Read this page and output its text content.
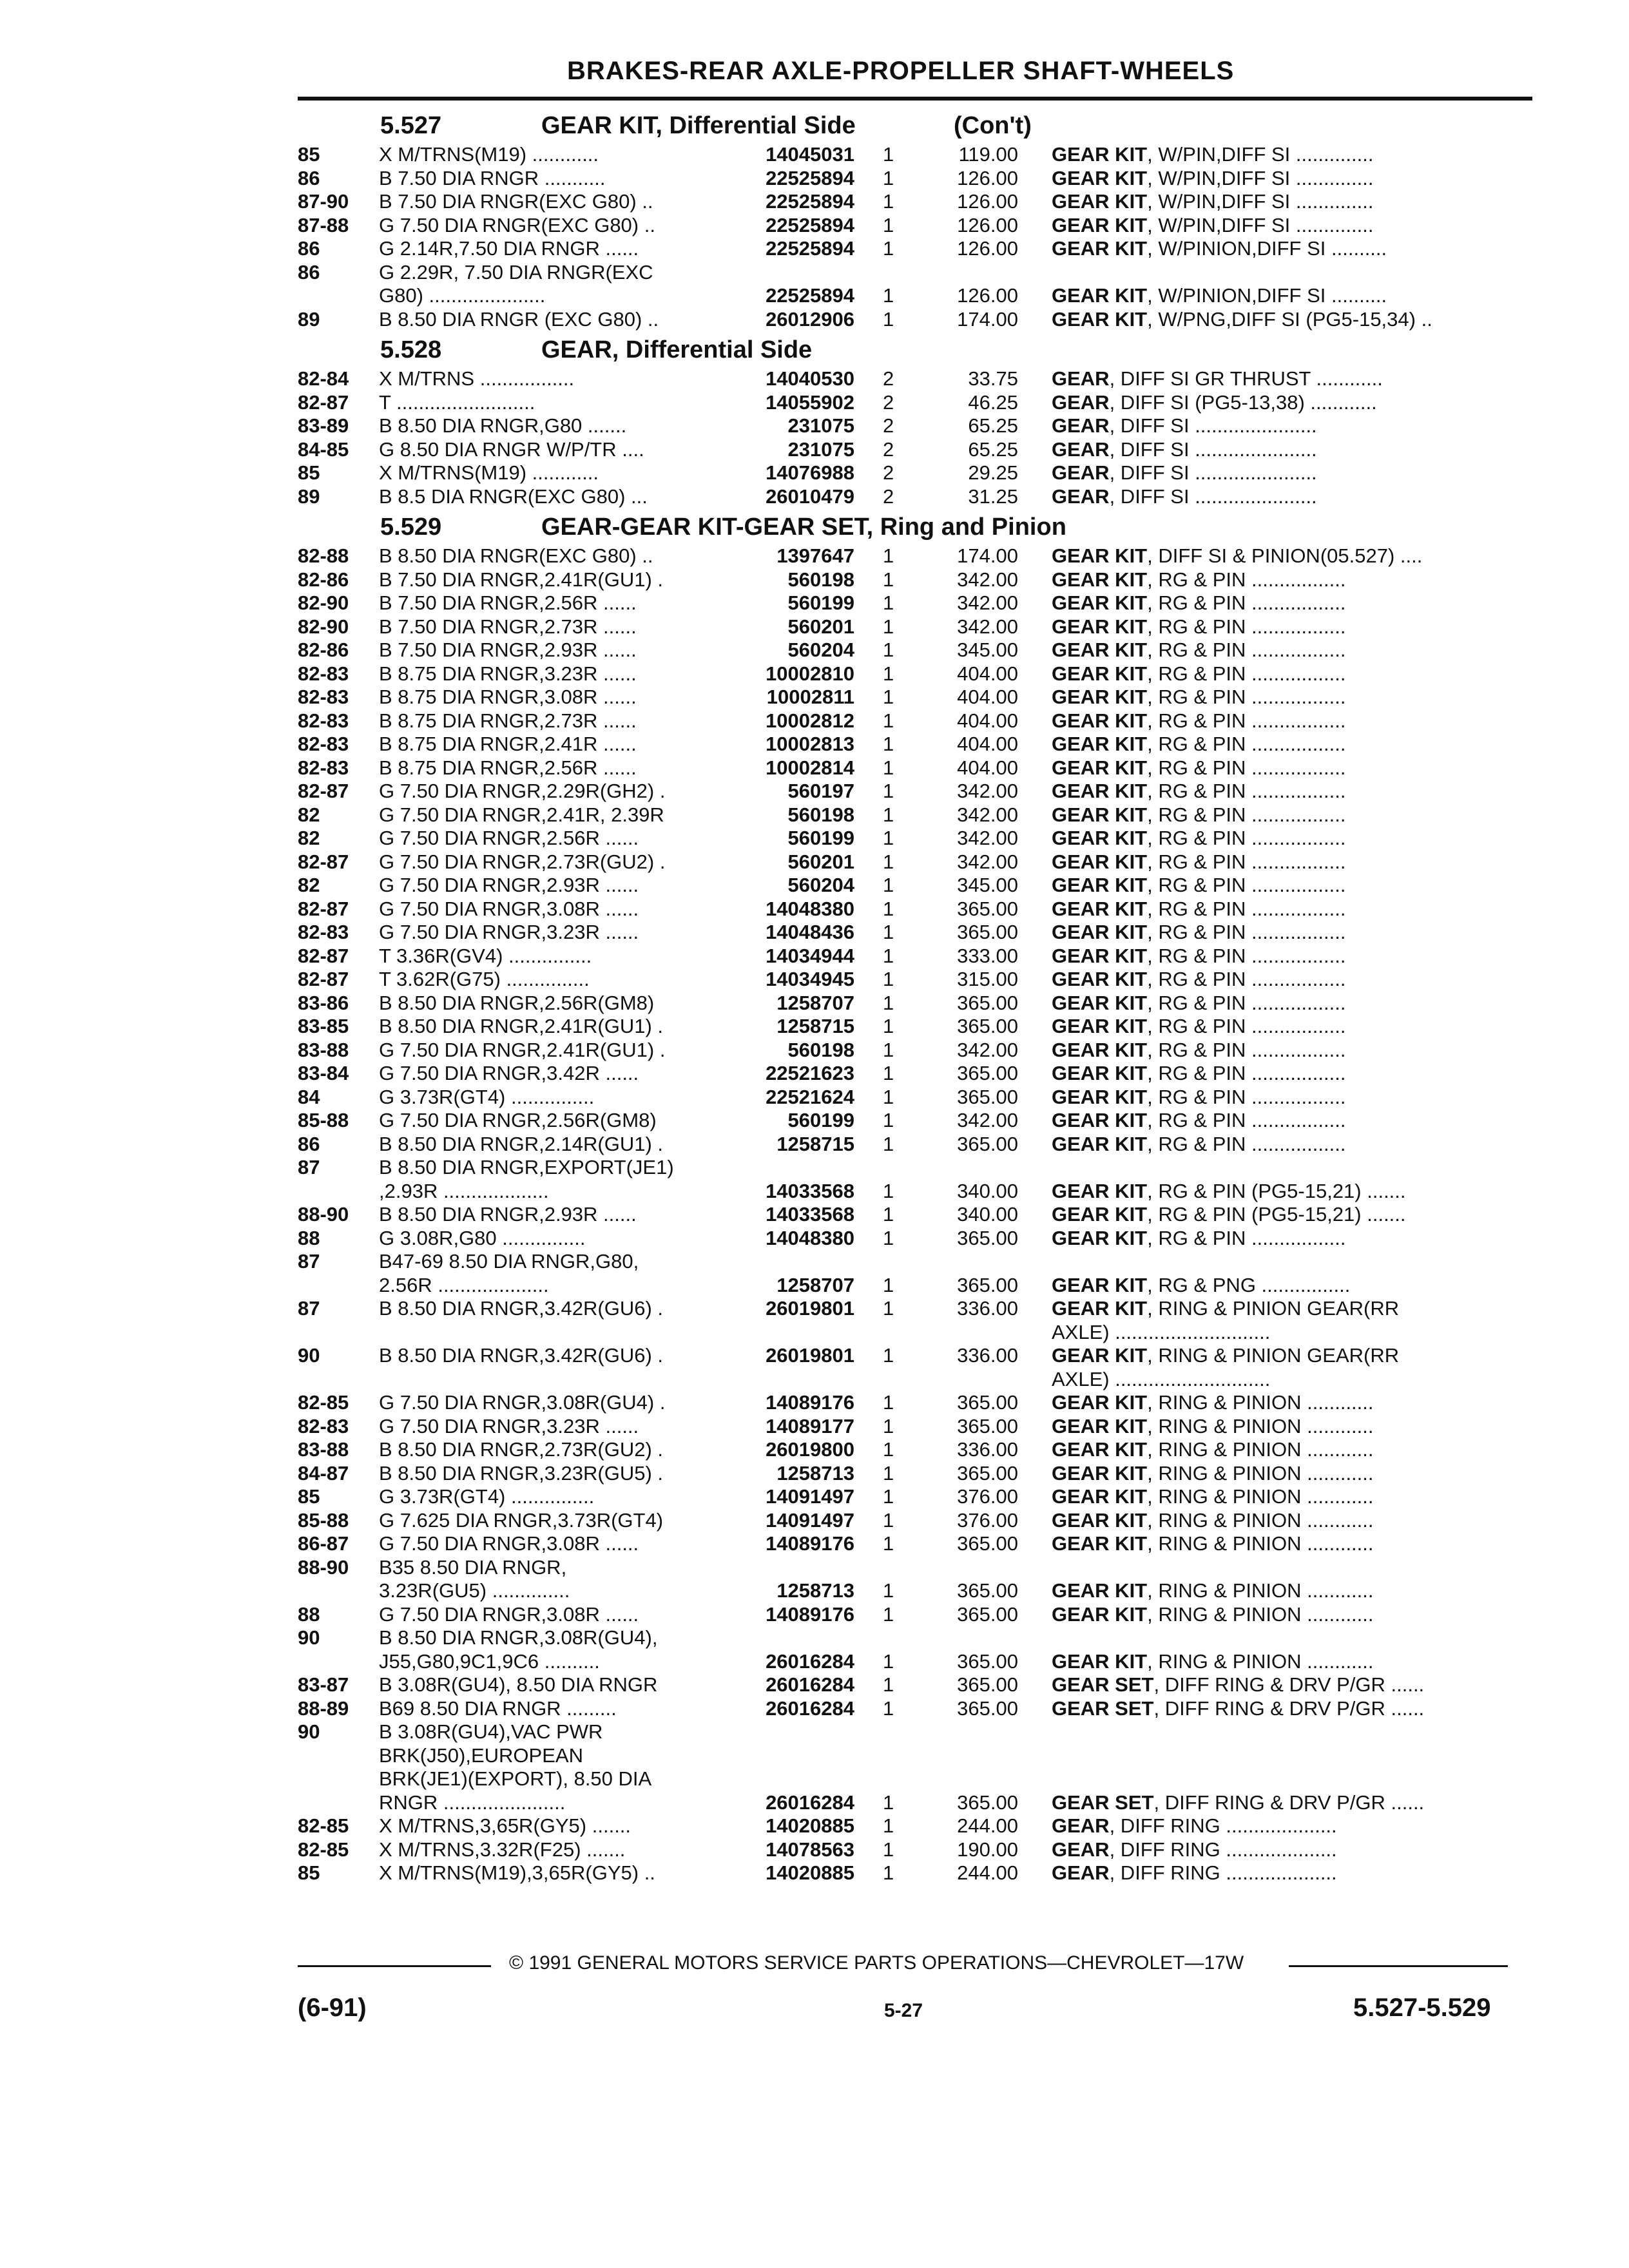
BRAKES-REAR AXLE-PROPELLER SHAFT-WHEELS
5.527	GEAR KIT, Differential Side	(Con't)
85	X M/TRNS(M19) ............	14045031 1	119.00 GEAR KIT, W/PIN,DIFF SI ..............
86	B 7.50 DIA RNGR ...........	22525894 1	126.00 GEAR KIT, W/PIN,DIFF SI ..............
87-90 B 7.50 DIA RNGR(EXC G80) ..	22525894 1	126.00 GEAR KIT, W/PIN,DIFF SI ..............
87-88 G 7.50 DIA RNGR(EXC G80) ..	22525894 1	126.00 GEAR KIT, W/PIN,DIFF SI ..............
86	G 2.14R,7.50 DIA RNGR ......	22525894 1	126.00 GEAR KIT, W/PINION,DIFF SI ..........
86	G 2.29R, 7.50 DIA RNGR(EXC
G80) .....................	22525894 1	126.00 GEAR KIT, W/PINION,DIFF SI ..........
89	B 8.50 DIA RNGR (EXC G80) ..	26012906 1	174.00 GEAR KIT, W/PNG,DIFF SI (PG5-15,34) ..
5.528	GEAR, Differential Side
82-84 X M/TRNS .................	14040530 2	33.75 GEAR, DIFF SI GR THRUST ............
82-87 T .........................	14055902 2	46.25 GEAR, DIFF SI (PG5-13,38) ............
83-89 B 8.50 DIA RNGR,G80 .......	231075 2	65.25 GEAR, DIFF SI ......................
84-85 G 8.50 DIA RNGR W/P/TR ....	231075 2	65.25 GEAR, DIFF SI ......................
85	X M/TRNS(M19) ............	14076988 2	29.25 GEAR, DIFF SI ......................
89	B 8.5 DIA RNGR(EXC G80) ...	26010479 2	31.25 GEAR, DIFF SI ......................
5.529	GEAR-GEAR KIT-GEAR SET, Ring and Pinion
82-88 B 8.50 DIA RNGR(EXC G80) ..	1397647 1	174.00 GEAR KIT, DIFF SI & PINION(05.527) ....
82-86 B 7.50 DIA RNGR,2.41R(GU1) .	560198 1	342.00 GEAR KIT, RG & PIN .................
82-90 B 7.50 DIA RNGR,2.56R ......	560199 1	342.00 GEAR KIT, RG & PIN .................
82-90 B 7.50 DIA RNGR,2.73R ......	560201 1	342.00 GEAR KIT, RG & PIN .................
82-86 B 7.50 DIA RNGR,2.93R ......	560204 1	345.00 GEAR KIT, RG & PIN .................
82-83 B 8.75 DIA RNGR,3.23R ......	10002810 1	404.00 GEAR KIT, RG & PIN .................
82-83 B 8.75 DIA RNGR,3.08R ......	10002811 1	404.00 GEAR KIT, RG & PIN .................
82-83 B 8.75 DIA RNGR,2.73R ......	10002812 1	404.00 GEAR KIT, RG & PIN .................
82-83 B 8.75 DIA RNGR,2.41R ......	10002813 1	404.00 GEAR KIT, RG & PIN .................
82-83 B 8.75 DIA RNGR,2.56R ......	10002814 1	404.00 GEAR KIT, RG & PIN .................
82-87 G 7.50 DIA RNGR,2.29R(GH2) .	560197 1	342.00 GEAR KIT, RG & PIN .................
82	G 7.50 DIA RNGR,2.41R, 2.39R	560198 1	342.00 GEAR KIT, RG & PIN .................
82	G 7.50 DIA RNGR,2.56R ......	560199 1	342.00 GEAR KIT, RG & PIN .................
82-87 G 7.50 DIA RNGR,2.73R(GU2) .	560201 1	342.00 GEAR KIT, RG & PIN .................
82	G 7.50 DIA RNGR,2.93R ......	560204 1	345.00 GEAR KIT, RG & PIN .................
82-87 G 7.50 DIA RNGR,3.08R ......	14048380 1	365.00 GEAR KIT, RG & PIN .................
82-83 G 7.50 DIA RNGR,3.23R ......	14048436 1	365.00 GEAR KIT, RG & PIN .................
82-87 T 3.36R(GV4) ...............	14034944 1	333.00 GEAR KIT, RG & PIN .................
82-87 T 3.62R(G75) ...............	14034945 1	315.00 GEAR KIT, RG & PIN .................
83-86 B 8.50 DIA RNGR,2.56R(GM8)	1258707 1	365.00 GEAR KIT, RG & PIN .................
83-85 B 8.50 DIA RNGR,2.41R(GU1) .	1258715 1	365.00 GEAR KIT, RG & PIN .................
83-88 G 7.50 DIA RNGR,2.41R(GU1) .	560198 1	342.00 GEAR KIT, RG & PIN .................
83-84 G 7.50 DIA RNGR,3.42R ......	22521623 1	365.00 GEAR KIT, RG & PIN .................
84	G 3.73R(GT4) ...............	22521624 1	365.00 GEAR KIT, RG & PIN .................
85-88 G 7.50 DIA RNGR,2.56R(GM8)	560199 1	342.00 GEAR KIT, RG & PIN .................
86	B 8.50 DIA RNGR,2.14R(GU1) .	1258715 1	365.00 GEAR KIT, RG & PIN .................
87	B 8.50 DIA RNGR,EXPORT(JE1)
,2.93R ...................	14033568 1	340.00 GEAR KIT, RG & PIN (PG5-15,21) .......
88-90 B 8.50 DIA RNGR,2.93R ......	14033568 1	340.00 GEAR KIT, RG & PIN (PG5-15,21) .......
88	G 3.08R,G80 ...............	14048380 1	365.00 GEAR KIT, RG & PIN .................
87	B47-69 8.50 DIA RNGR,G80,
2.56R ....................	1258707 1	365.00 GEAR KIT, RG & PNG ................
87	B 8.50 DIA RNGR,3.42R(GU6) .	26019801 1	336.00 GEAR KIT, RING & PINION GEAR(RR
AXLE) ............................
90	B 8.50 DIA RNGR,3.42R(GU6) .	26019801 1	336.00 GEAR KIT, RING & PINION GEAR(RR
AXLE) ............................
82-85 G 7.50 DIA RNGR,3.08R(GU4) .	14089176 1	365.00 GEAR KIT, RING & PINION ............
82-83 G 7.50 DIA RNGR,3.23R ......	14089177 1	365.00 GEAR KIT, RING & PINION ............
83-88 B 8.50 DIA RNGR,2.73R(GU2) .	26019800 1	336.00 GEAR KIT, RING & PINION ............
84-87 B 8.50 DIA RNGR,3.23R(GU5) .	1258713 1	365.00 GEAR KIT, RING & PINION ............
85	G 3.73R(GT4) ...............	14091497 1	376.00 GEAR KIT, RING & PINION ............
85-88 G 7.625 DIA RNGR,3.73R(GT4)	14091497 1	376.00 GEAR KIT, RING & PINION ............
86-87 G 7.50 DIA RNGR,3.08R ......	14089176 1	365.00 GEAR KIT, RING & PINION ............
88-90 B35 8.50 DIA RNGR,
3.23R(GU5) ..............	1258713 1	365.00 GEAR KIT, RING & PINION ............
88	G 7.50 DIA RNGR,3.08R ......	14089176 1	365.00 GEAR KIT, RING & PINION ............
90	B 8.50 DIA RNGR,3.08R(GU4),
J55,G80,9C1,9C6 ..........	26016284 1	365.00 GEAR KIT, RING & PINION ............
83-87 B 3.08R(GU4), 8.50 DIA RNGR	26016284 1	365.00 GEAR SET, DIFF RING & DRV P/GR ......
88-89 B69 8.50 DIA RNGR .........	26016284 1	365.00 GEAR SET, DIFF RING & DRV P/GR ......
90	B 3.08R(GU4),VAC PWR
BRK(J50),EUROPEAN
BRK(JE1)(EXPORT), 8.50 DIA
RNGR ......................	26016284 1	365.00 GEAR SET, DIFF RING & DRV P/GR ......
82-85 X M/TRNS,3,65R(GY5) .......	14020885 1	244.00 GEAR, DIFF RING ....................
82-85 X M/TRNS,3.32R(F25) .......	14078563 1	190.00 GEAR, DIFF RING ....................
85	X M/TRNS(M19),3,65R(GY5) ..	14020885 1	244.00 GEAR, DIFF RING ....................
© 1991 GENERAL MOTORS SERVICE PARTS OPERATIONS—CHEVROLET—17W
(6-91)	5-27	5.527-5.529
